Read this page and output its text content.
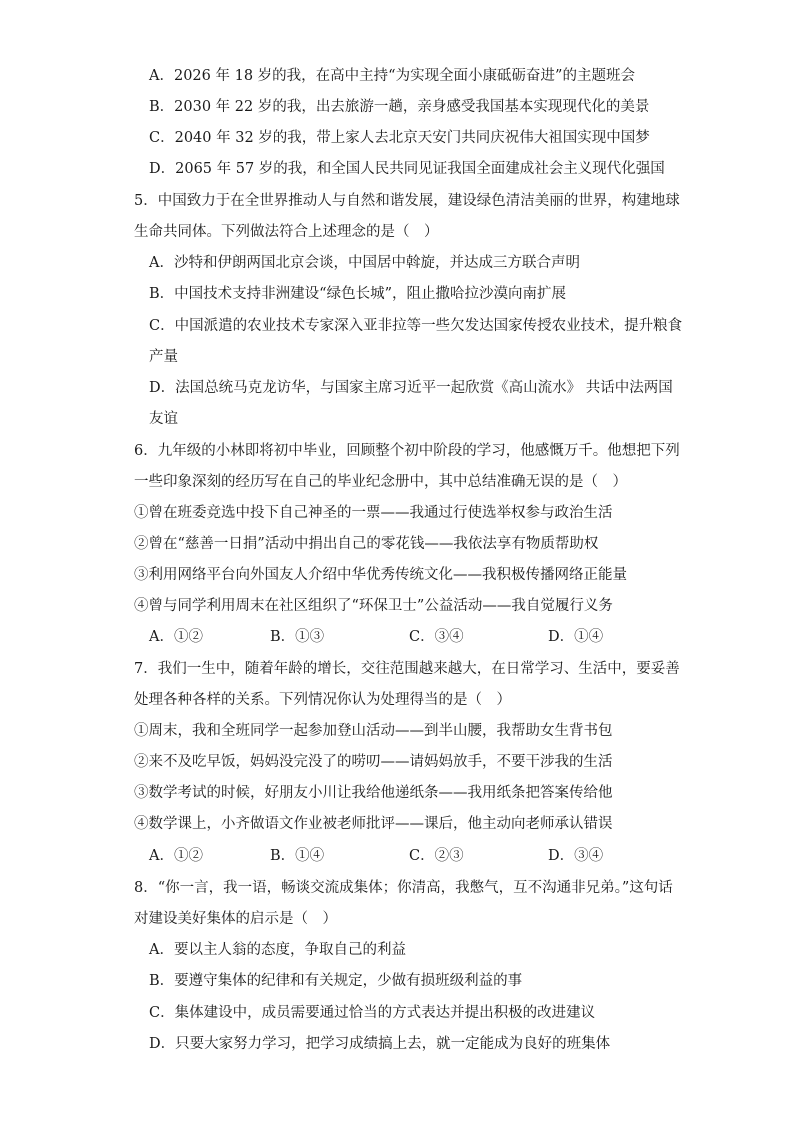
A．2026 年 18 岁的我，在高中主持“为实现全面小康砥砺奋进”的主题班会
B．2030 年 22 岁的我，出去旅游一趟，亲身感受我国基本实现现代化的美景
C．2040 年 32 岁的我，带上家人去北京天安门共同庆祝伟大祖国实现中国梦
D．2065 年 57 岁的我，和全国人民共同见证我国全面建成社会主义现代化强国
5．中国致力于在全世界推动人与自然和谐发展，建设绿色清洁美丽的世界，构建地球
生命共同体。下列做法符合上述理念的是（　）
A．沙特和伊朗两国北京会谈，中国居中斡旋，并达成三方联合声明
B．中国技术支持非洲建设“绿色长城”，阻止撒哈拉沙漠向南扩展
C．中国派遣的农业技术专家深入亚非拉等一些欠发达国家传授农业技术，提升粮食
产量
D．法国总统马克龙访华，与国家主席习近平一起欣赏《高山流水》 共话中法两国
友谊
6．九年级的小林即将初中毕业，回顾整个初中阶段的学习，他感慨万千。他想把下列
一些印象深刻的经历写在自己的毕业纪念册中，其中总结准确无误的是（　）
①曾在班委竞选中投下自己神圣的一票——我通过行使选举权参与政治生活
②曾在“慈善一日捐”活动中捐出自己的零花钱——我依法享有物质帮助权
③利用网络平台向外国友人介绍中华优秀传统文化——我积极传播网络正能量
④曾与同学利用周末在社区组织了“环保卫士”公益活动——我自觉履行义务
A．①②	B．①③	C．③④	D．①④
7．我们一生中，随着年龄的增长，交往范围越来越大，在日常学习、生活中，要妥善
处理各种各样的关系。下列情况你认为处理得当的是（　）
①周末，我和全班同学一起参加登山活动——到半山腰，我帮助女生背书包
②来不及吃早饭，妈妈没完没了的唠叨——请妈妈放手，不要干涉我的生活
③数学考试的时候，好朋友小川让我给他递纸条——我用纸条把答案传给他
④数学课上，小齐做语文作业被老师批评——课后，他主动向老师承认错误
A．①②	B．①④	C．②③	D．③④
8．“你一言，我一语，畅谈交流成集体；你清高，我憋气，互不沟通非兄弟。”这句话
对建设美好集体的启示是（　）
A．要以主人翁的态度，争取自己的利益
B．要遵守集体的纪律和有关规定，少做有损班级利益的事
C．集体建设中，成员需要通过恰当的方式表达并提出积极的改进建议
D．只要大家努力学习，把学习成绩搞上去，就一定能成为良好的班集体
